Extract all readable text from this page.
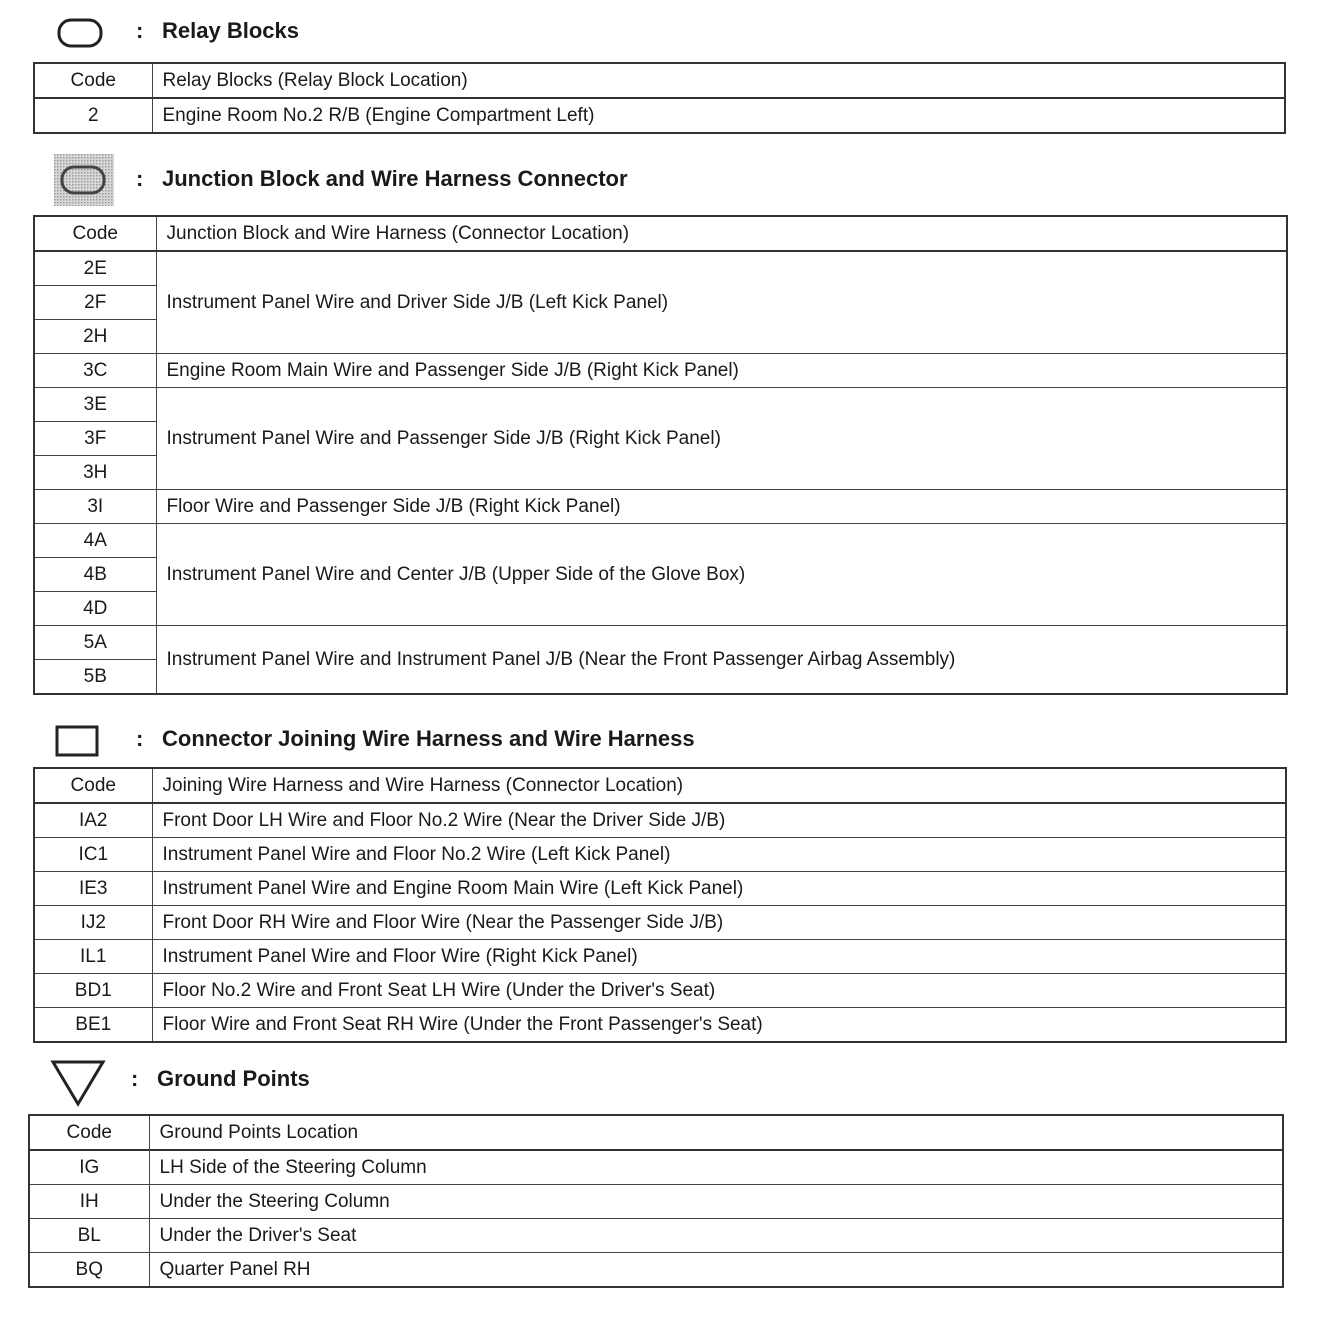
: Relay Blocks
Code	Relay Blocks (Relay Block Location)
2	Engine Room No.2 R/B (Engine Compartment Left)
: Junction Block and Wire Harness Connector
Code	Junction Block and Wire Harness (Connector Location)
2E	Instrument Panel Wire and Driver Side J/B (Left Kick Panel)
2F	
2H	
3C	Engine Room Main Wire and Passenger Side J/B (Right Kick Panel)
3E	Instrument Panel Wire and Passenger Side J/B (Right Kick Panel)
3F	
3H	
3I	Floor Wire and Passenger Side J/B (Right Kick Panel)
4A	Instrument Panel Wire and Center J/B (Upper Side of the Glove Box)
4B	
4D	
5A	Instrument Panel Wire and Instrument Panel J/B (Near the Front Passenger Airbag Assembly)
5B	
: Connector Joining Wire Harness and Wire Harness
Code	Joining Wire Harness and Wire Harness (Connector Location)
IA2	Front Door LH Wire and Floor No.2 Wire (Near the Driver Side J/B)
IC1	Instrument Panel Wire and Floor No.2 Wire (Left Kick Panel)
IE3	Instrument Panel Wire and Engine Room Main Wire (Left Kick Panel)
IJ2	Front Door RH Wire and Floor Wire (Near the Passenger Side J/B)
IL1	Instrument Panel Wire and Floor Wire (Right Kick Panel)
BD1	Floor No.2 Wire and Front Seat LH Wire (Under the Driver's Seat)
BE1	Floor Wire and Front Seat RH Wire (Under the Front Passenger's Seat)
: Ground Points
Code	Ground Points Location
IG	LH Side of the Steering Column
IH	Under the Steering Column
BL	Under the Driver's Seat
BQ	Quarter Panel RH
